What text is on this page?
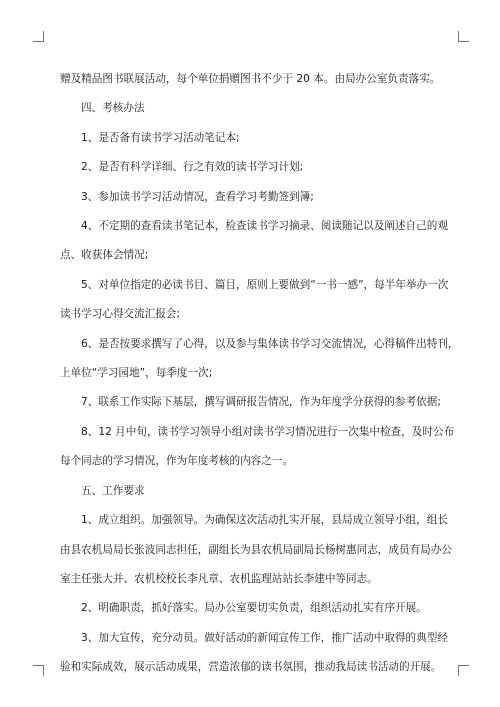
赠及精品图书联展活动，每个单位捐赠图书不少于 20 本。由局办公室负责落实。

四、考核办法

1、是否备有读书学习活动笔记本;

2、是否有科学详细、行之有效的读书学习计划;

3、参加读书学习活动情况，查看学习考勤签到簿;

4、不定期的查看读书笔记本，检查读书学习摘录、阅读随记以及阐述自己的观

点、收获体会情况;

5、对单位指定的必读书目、篇目，原则上要做到“一书一感”，每半年举办一次

读书学习心得交流汇报会;

6、是否按要求撰写了心得，以及参与集体读书学习交流情况，心得稿件出特刊，

上单位“学习园地”，每季度一次;

7、联系工作实际下基层，撰写调研报告情况，作为年度学分获得的参考依据;

8、12 月中旬，读书学习领导小组对读书学习情况进行一次集中检查，及时公布

每个同志的学习情况，作为年度考核的内容之一。

五、工作要求

1、成立组织。加强领导。为确保这次活动扎实开展，县局成立领导小组，组长

由县农机局局长张波同志担任，副组长为县农机局副局长杨树惠同志，成员有局办公

室主任张大并、农机校校长李凡章、农机监理站站长李建中等同志。

2、明确职责，抓好落实。局办公室要切实负责，组织活动扎实有序开展。

3、加大宣传，充分动员。做好活动的新闻宣传工作，推广活动中取得的典型经

验和实际成效，展示活动成果，营造浓郁的读书氛围，推动我局读书活动的开展。
